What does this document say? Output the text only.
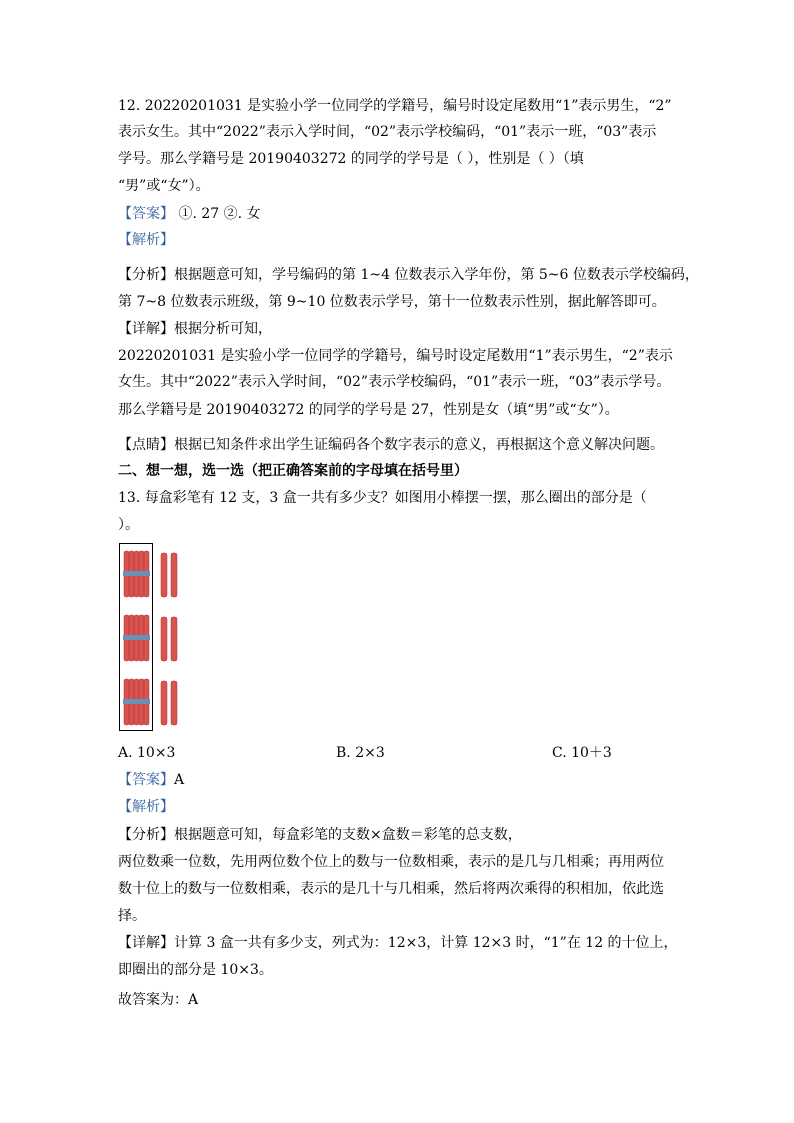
12. 20220201031 是实验小学一位同学的学籍号，编号时设定尾数用“1”表示男生，“2”
表示女生。其中“2022”表示入学时间，“02”表示学校编码，“01”表示一班，“03”表示
学号。那么学籍号是 20190403272 的同学的学号是（ ），性别是（ ）（填
“男”或“女”）。
【答案】 ①. 27 ②. 女
【解析】
【分析】根据题意可知，学号编码的第 1~4 位数表示入学年份，第 5~6 位数表示学校编码，
第 7~8 位数表示班级，第 9~10 位数表示学号，第十一位数表示性别，据此解答即可。
【详解】根据分析可知，
20220201031 是实验小学一位同学的学籍号，编号时设定尾数用“1”表示男生，“2”表示
女生。其中“2022”表示入学时间，“02”表示学校编码，“01”表示一班，“03”表示学号。
那么学籍号是 20190403272 的同学的学号是 27，性别是女（填“男”或“女”）。
【点睛】根据已知条件求出学生证编码各个数字表示的意义，再根据这个意义解决问题。
二、想一想，选一选（把正确答案前的字母填在括号里）
13. 每盒彩笔有 12 支，3 盒一共有多少支？如图用小棒摆一摆，那么圈出的部分是（
）。
A. 10×3	B. 2×3	C. 10＋3
【答案】A
【解析】
【分析】根据题意可知，每盒彩笔的支数×盒数＝彩笔的总支数，
两位数乘一位数，先用两位数个位上的数与一位数相乘，表示的是几与几相乘；再用两位
数十位上的数与一位数相乘，表示的是几十与几相乘，然后将两次乘得的积相加，依此选
择。
【详解】计算 3 盒一共有多少支，列式为：12×3，计算 12×3 时，“1”在 12 的十位上，
即圈出的部分是 10×3。
故答案为：A
